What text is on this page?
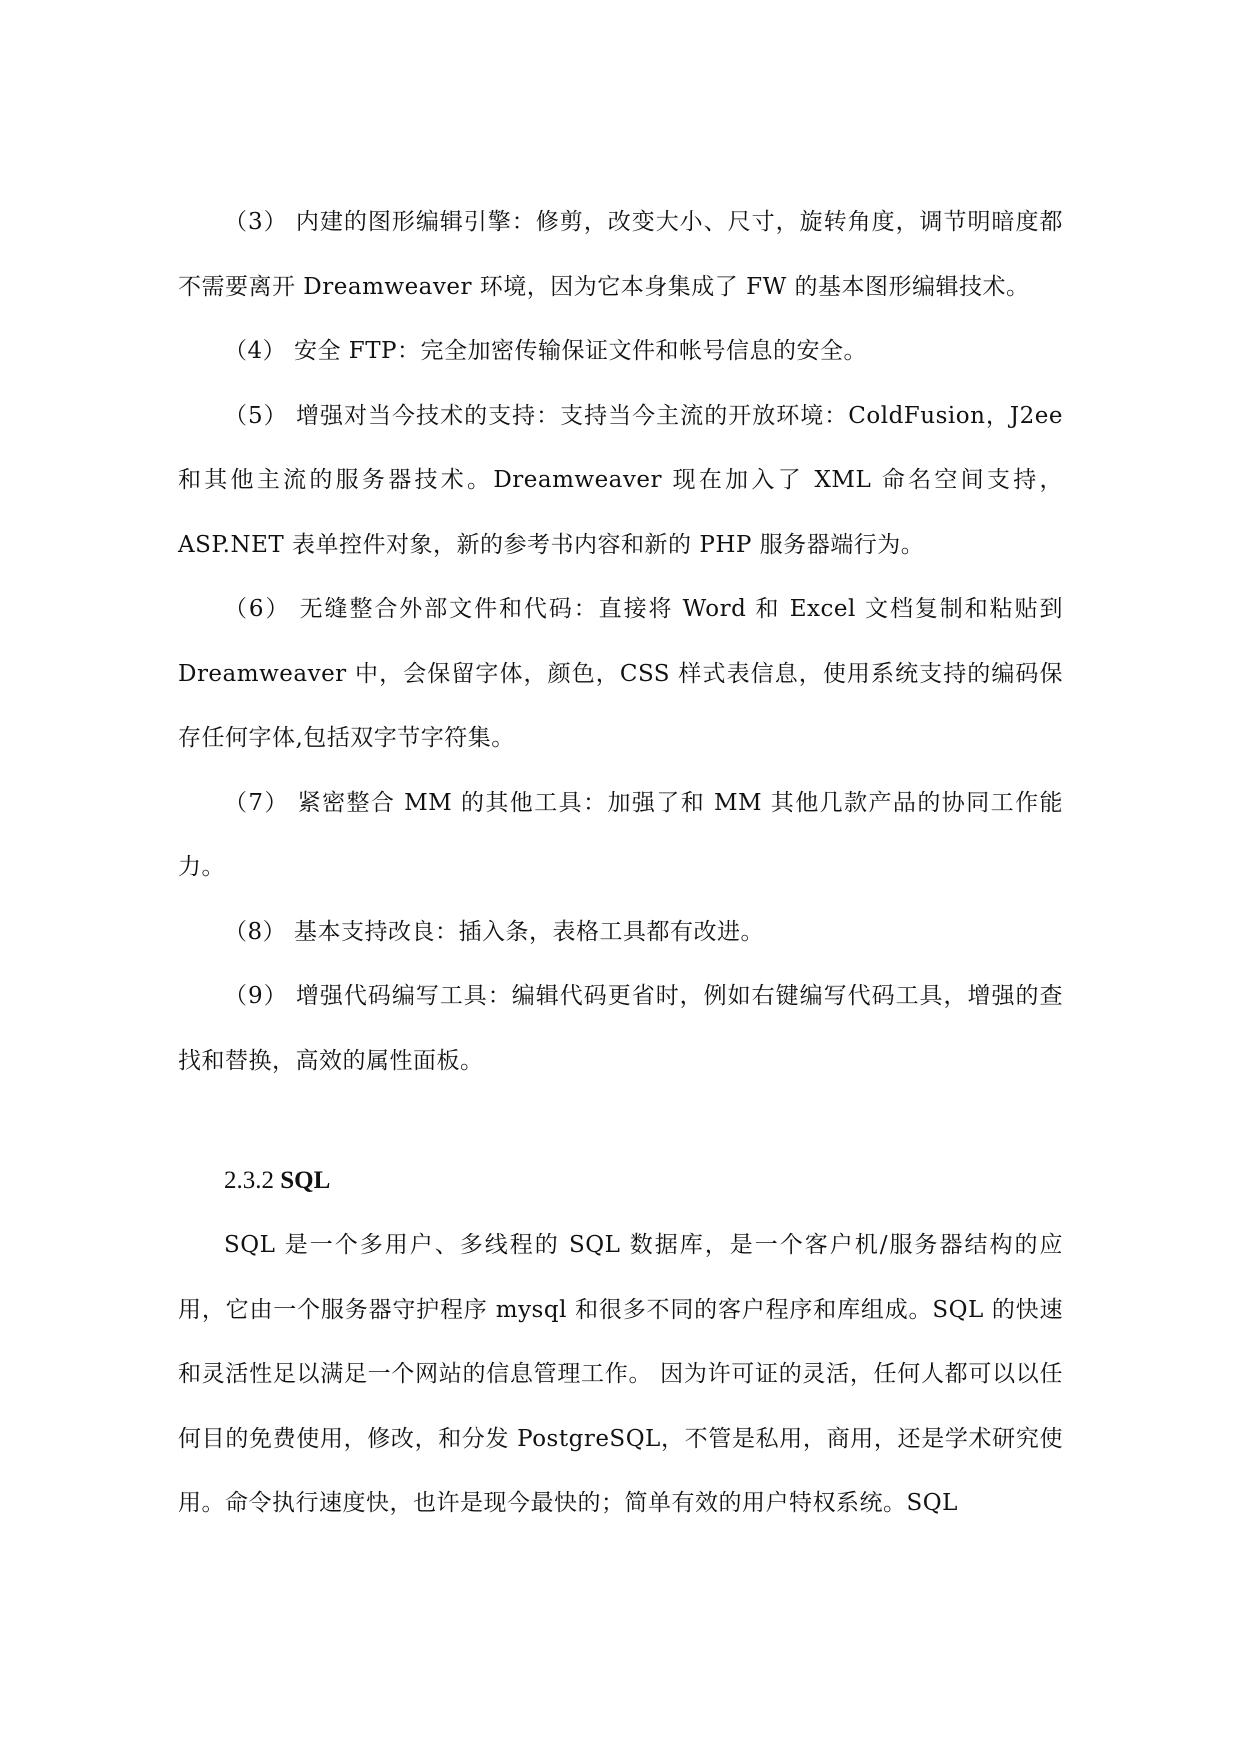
（3） 内建的图形编辑引擎：修剪，改变大小、尺寸，旋转角度，调节明暗度都不需要离开 Dreamweaver 环境，因为它本身集成了 FW 的基本图形编辑技术。

（4） 安全 FTP：完全加密传输保证文件和帐号信息的安全。

（5） 增强对当今技术的支持：支持当今主流的开放环境：ColdFusion，J2ee 和其他主流的服务器技术。Dreamweaver 现在加入了 XML 命名空间支持，ASP.NET 表单控件对象，新的参考书内容和新的 PHP 服务器端行为。

（6） 无缝整合外部文件和代码：直接将 Word 和 Excel 文档复制和粘贴到 Dreamweaver 中，会保留字体，颜色，CSS 样式表信息，使用系统支持的编码保存任何字体,包括双字节字符集。

（7） 紧密整合 MM 的其他工具：加强了和 MM 其他几款产品的协同工作能力。

（8） 基本支持改良：插入条，表格工具都有改进。

（9） 增强代码编写工具：编辑代码更省时，例如右键编写代码工具，增强的查找和替换，高效的属性面板。

2.3.2 SQL

SQL 是一个多用户、多线程的 SQL 数据库，是一个客户机/服务器结构的应用，它由一个服务器守护程序 mysql 和很多不同的客户程序和库组成。SQL 的快速和灵活性足以满足一个网站的信息管理工作。 因为许可证的灵活，任何人都可以以任何目的免费使用，修改，和分发 PostgreSQL，不管是私用，商用，还是学术研究使用。命令执行速度快，也许是现今最快的；简单有效的用户特权系统。SQL
